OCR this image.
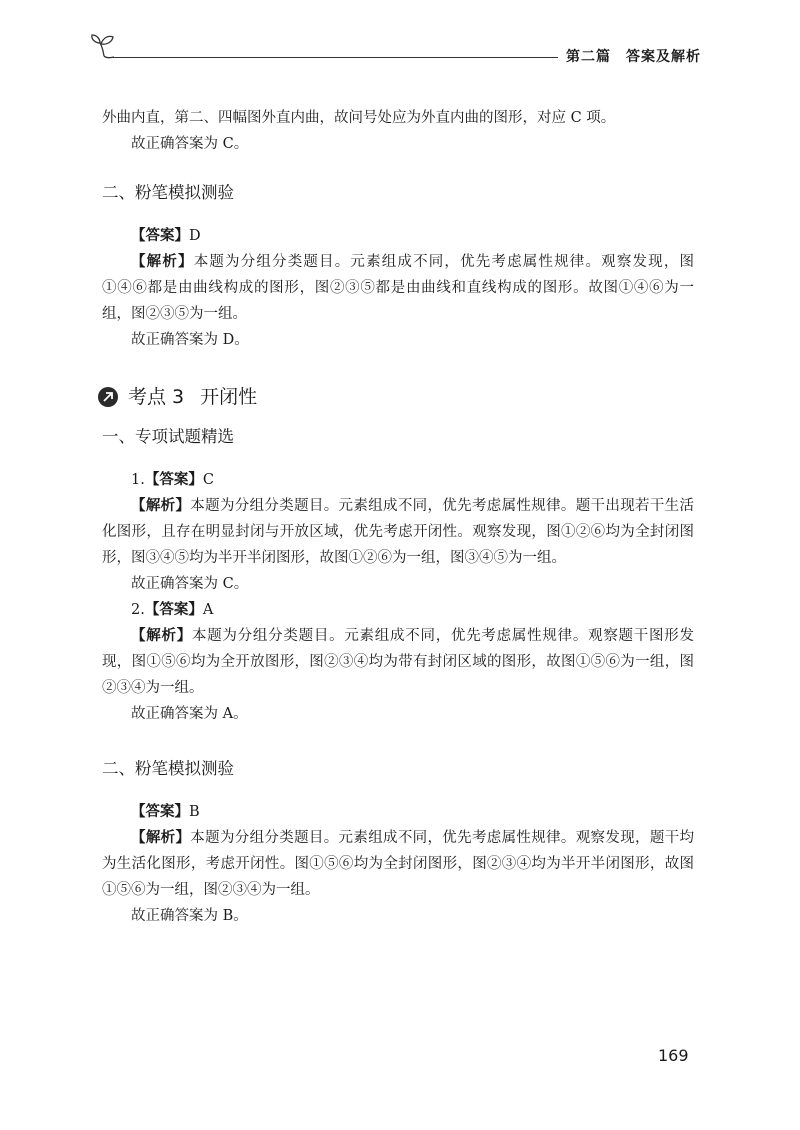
第二篇　答案及解析

外曲内直，第二、四幅图外直内曲，故问号处应为外直内曲的图形，对应 C 项。

故正确答案为 C。

二、粉笔模拟测验

【答案】D

【解析】本题为分组分类题目。元素组成不同，优先考虑属性规律。观察发现，图①④⑥都是由曲线构成的图形，图②③⑤都是由曲线和直线构成的图形。故图①④⑥为一组，图②③⑤为一组。

故正确答案为 D。

考点 3 开闭性
一、专项试题精选

1.【答案】C

【解析】本题为分组分类题目。元素组成不同，优先考虑属性规律。题干出现若干生活化图形，且存在明显封闭与开放区域，优先考虑开闭性。观察发现，图①②⑥均为全封闭图形，图③④⑤均为半开半闭图形，故图①②⑥为一组，图③④⑤为一组。

故正确答案为 C。

2.【答案】A

【解析】本题为分组分类题目。元素组成不同，优先考虑属性规律。观察题干图形发现，图①⑤⑥均为全开放图形，图②③④均为带有封闭区域的图形，故图①⑤⑥为一组，图②③④为一组。

故正确答案为 A。

二、粉笔模拟测验

【答案】B

【解析】本题为分组分类题目。元素组成不同，优先考虑属性规律。观察发现，题干均为生活化图形，考虑开闭性。图①⑤⑥均为全封闭图形，图②③④均为半开半闭图形，故图①⑤⑥为一组，图②③④为一组。

故正确答案为 B。

169
